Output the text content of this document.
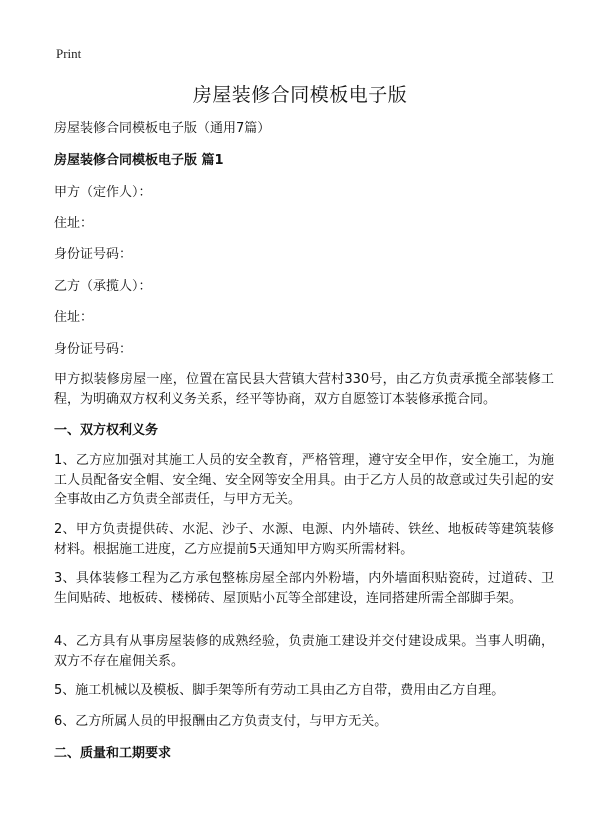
Print
房屋装修合同模板电子版

房屋装修合同模板电子版（通用7篇）

房屋装修合同模板电子版 篇1

甲方（定作人）：

住址：

身份证号码：

乙方（承揽人）：

住址：

身份证号码：

甲方拟装修房屋一座，位置在富民县大营镇大营村330号，由乙方负责承揽全部装修工程，为明确双方权利义务关系，经平等协商，双方自愿签订本装修承揽合同。

一、双方权利义务

1、乙方应加强对其施工人员的安全教育，严格管理，遵守安全甲作，安全施工，为施工人员配备安全帽、安全绳、安全网等安全用具。由于乙方人员的故意或过失引起的安全事故由乙方负责全部责任，与甲方无关。

2、甲方负责提供砖、水泥、沙子、水源、电源、内外墙砖、铁丝、地板砖等建筑装修材料。根据施工进度，乙方应提前5天通知甲方购买所需材料。

3、具体装修工程为乙方承包整栋房屋全部内外粉墙，内外墙面积贴瓷砖，过道砖、卫生间贴砖、地板砖、楼梯砖、屋顶贴小瓦等全部建设，连同搭建所需全部脚手架。

4、乙方具有从事房屋装修的成熟经验，负责施工建设并交付建设成果。当事人明确，双方不存在雇佣关系。

5、施工机械以及模板、脚手架等所有劳动工具由乙方自带，费用由乙方自理。

6、乙方所属人员的甲报酬由乙方负责支付，与甲方无关。

二、质量和工期要求
